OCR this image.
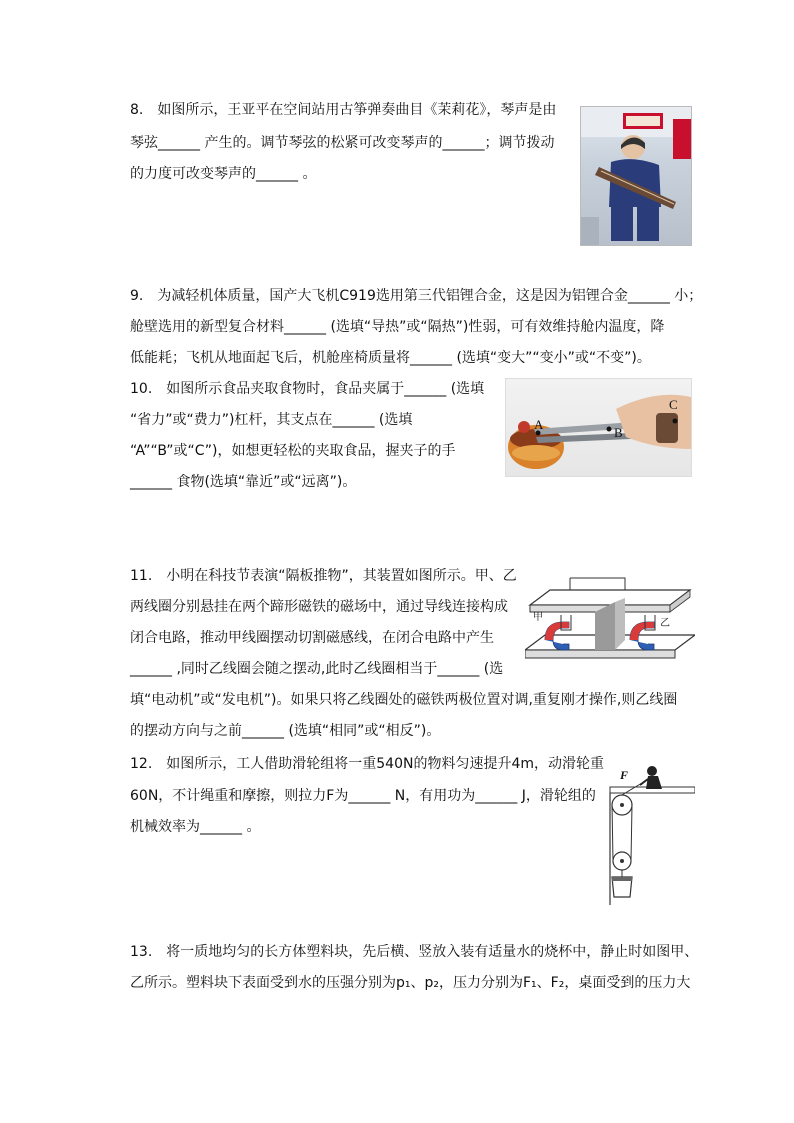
8.　如图所示，王亚平在空间站用古筝弹奏曲目《茉莉花》，琴声是由
琴弦______ 产生的。调节琴弦的松紧可改变琴声的______；调节拨动
的力度可改变琴声的______ 。
9.　为减轻机体质量，国产大飞机C919选用第三代铝锂合金，这是因为铝锂合金______ 小；
舱壁选用的新型复合材料______ (选填“导热”或“隔热”)性弱，可有效维持舱内温度，降
低能耗；飞机从地面起飞后，机舱座椅质量将______ (选填“变大”“变小”或“不变”)。
10.　如图所示食品夹取食物时，食品夹属于______ (选填
“省力”或“费力”)杠杆，其支点在______ (选填
“A”“B”或“C”)，如想更轻松的夹取食品，握夹子的手
______ 食物(选填“靠近”或“远离”)。
A
B
C
11.　小明在科技节表演“隔板推物”，其装置如图所示。甲、乙
两线圈分别悬挂在两个蹄形磁铁的磁场中，通过导线连接构成
闭合电路，推动甲线圈摆动切割磁感线，在闭合电路中产生
______ ,同时乙线圈会随之摆动,此时乙线圈相当于______ (选
填“电动机”或“发电机”)。如果只将乙线圈处的磁铁两极位置对调,重复刚才操作,则乙线圈
的摆动方向与之前______ (选填“相同”或“相反”)。
甲
乙
12.　如图所示，工人借助滑轮组将一重540N的物料匀速提升4m，动滑轮重
60N，不计绳重和摩擦，则拉力F为______ N，有用功为______ J，滑轮组的
机械效率为______ 。
F
13.　将一质地均匀的长方体塑料块，先后横、竖放入装有适量水的烧杯中，静止时如图甲、
乙所示。塑料块下表面受到水的压强分别为p₁、p₂，压力分别为F₁、F₂，桌面受到的压力大
